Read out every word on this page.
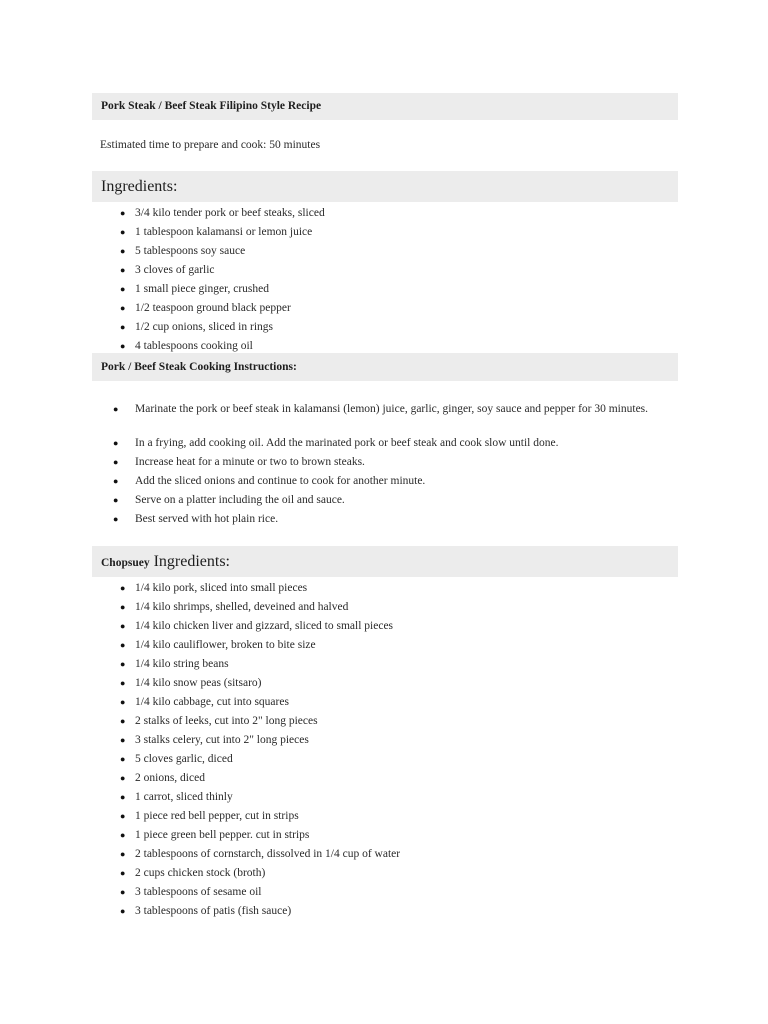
Pork Steak / Beef Steak Filipino Style Recipe
Estimated time to prepare and cook: 50 minutes
Ingredients:
● 3/4 kilo tender pork or beef steaks, sliced
● 1 tablespoon kalamansi or lemon juice
● 5 tablespoons soy sauce
● 3 cloves of garlic
● 1 small piece ginger, crushed
● 1/2 teaspoon ground black pepper
● 1/2 cup onions, sliced in rings
● 4 tablespoons cooking oil
Pork / Beef Steak Cooking Instructions:
● Marinate the pork or beef steak in kalamansi (lemon) juice, garlic, ginger, soy sauce and pepper for 30 minutes.
● In a frying, add cooking oil. Add the marinated pork or beef steak and cook slow until done.
● Increase heat for a minute or two to brown steaks.
● Add the sliced onions and continue to cook for another minute.
● Serve on a platter including the oil and sauce.
● Best served with hot plain rice.
Chopsuey Ingredients:
● 1/4 kilo pork, sliced into small pieces
● 1/4 kilo shrimps, shelled, deveined and halved
● 1/4 kilo chicken liver and gizzard, sliced to small pieces
● 1/4 kilo cauliflower, broken to bite size
● 1/4 kilo string beans
● 1/4 kilo snow peas (sitsaro)
● 1/4 kilo cabbage, cut into squares
● 2 stalks of leeks, cut into 2" long pieces
● 3 stalks celery, cut into 2" long pieces
● 5 cloves garlic, diced
● 2 onions, diced
● 1 carrot, sliced thinly
● 1 piece red bell pepper, cut in strips
● 1 piece green bell pepper. cut in strips
● 2 tablespoons of cornstarch, dissolved in 1/4 cup of water
● 2 cups chicken stock (broth)
● 3 tablespoons of sesame oil
● 3 tablespoons of patis (fish sauce)
